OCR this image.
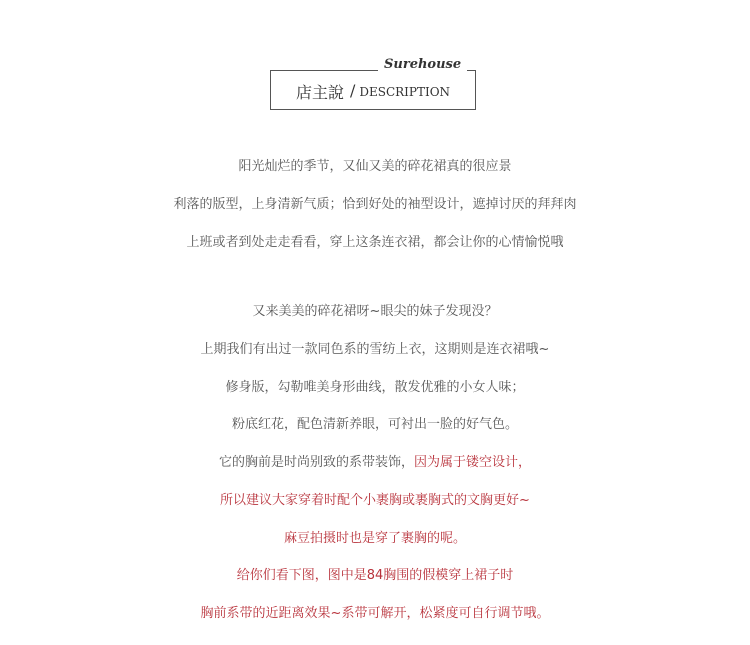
店主說 / DESCRIPTION
Surehouse
阳光灿烂的季节，又仙又美的碎花裙真的很应景
利落的版型，上身清新气质；恰到好处的袖型设计，遮掉讨厌的拜拜肉
上班或者到处走走看看，穿上这条连衣裙，都会让你的心情愉悦哦
又来美美的碎花裙呀~眼尖的妹子发现没？
上期我们有出过一款同色系的雪纺上衣，这期则是连衣裙哦~
修身版，勾勒唯美身形曲线，散发优雅的小女人味；
粉底红花，配色清新养眼，可衬出一脸的好气色。
它的胸前是时尚别致的系带装饰，因为属于镂空设计，
所以建议大家穿着时配个小裹胸或裹胸式的文胸更好~
麻豆拍摄时也是穿了裹胸的呢。
给你们看下图，图中是84胸围的假模穿上裙子时
胸前系带的近距离效果~系带可解开，松紧度可自行调节哦。
